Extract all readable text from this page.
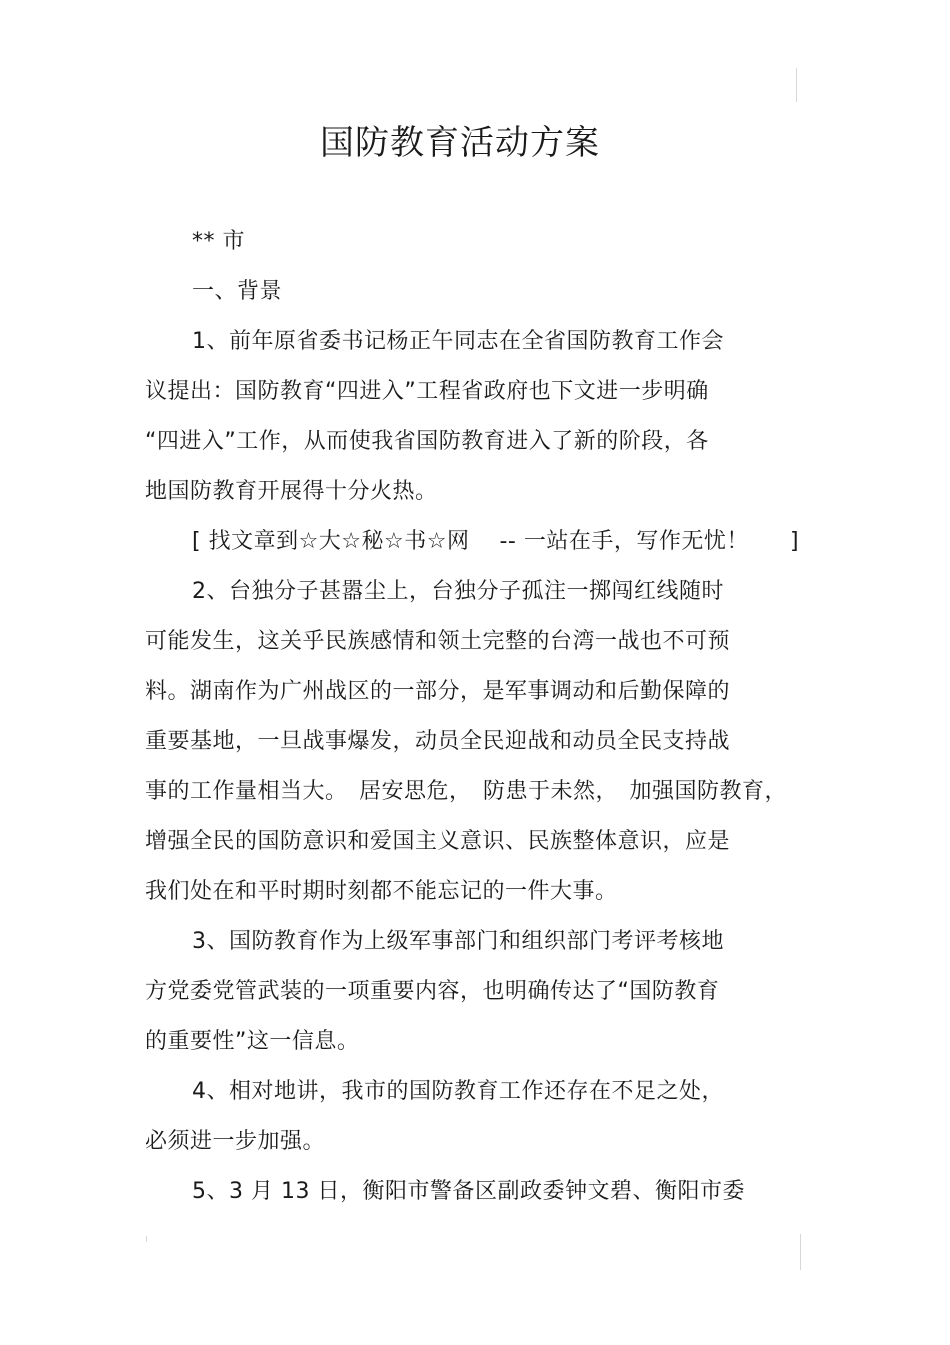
国防教育活动方案
** 市
一、背景
1、前年原省委书记杨正午同志在全省国防教育工作会
议提出：国防教育“四进入”工程省政府也下文进一步明确
“四进入”工作，从而使我省国防教育进入了新的阶段，各
地国防教育开展得十分火热。
[ 找文章到☆大☆秘☆书☆网　 -- 一站在手，写作无忧！ ]
2、台独分子甚嚣尘上，台独分子孤注一掷闯红线随时
可能发生，这关乎民族感情和领土完整的台湾一战也不可预
料。湖南作为广州战区的一部分，是军事调动和后勤保障的
重要基地，一旦战事爆发，动员全民迎战和动员全民支持战
事的工作量相当大。　居安思危，　防患于未然，　加强国防教育，
增强全民的国防意识和爱国主义意识、民族整体意识，应是
我们处在和平时期时刻都不能忘记的一件大事。
3、国防教育作为上级军事部门和组织部门考评考核地
方党委党管武装的一项重要内容，也明确传达了“国防教育
的重要性”这一信息。
4、相对地讲，我市的国防教育工作还存在不足之处，
必须进一步加强。
5、3 月 13 日，衡阳市警备区副政委钟文碧、衡阳市委
